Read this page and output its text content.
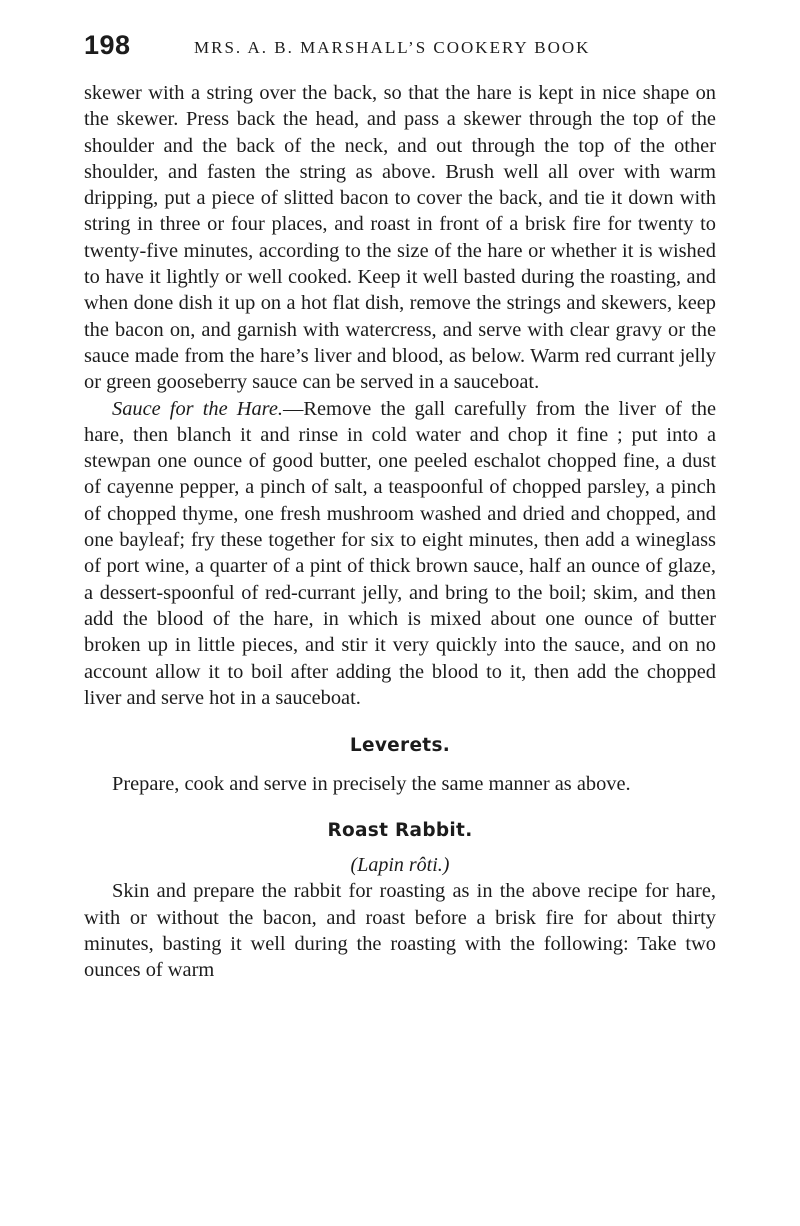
198	MRS. A. B. MARSHALL’S COOKERY BOOK

skewer with a string over the back, so that the hare is kept in nice shape on the skewer. Press back the head, and pass a skewer through the top of the shoulder and the back of the neck, and out through the top of the other shoulder, and fasten the string as above. Brush well all over with warm dripping, put a piece of slitted bacon to cover the back, and tie it down with string in three or four places, and roast in front of a brisk fire for twenty to twenty-five minutes, according to the size of the hare or whether it is wished to have it lightly or well cooked. Keep it well basted during the roasting, and when done dish it up on a hot flat dish, remove the strings and skewers, keep the bacon on, and garnish with watercress, and serve with clear gravy or the sauce made from the hare’s liver and blood, as below. Warm red currant jelly or green gooseberry sauce can be served in a sauceboat.

Sauce for the Hare.—Remove the gall carefully from the liver of the hare, then blanch it and rinse in cold water and chop it fine ; put into a stewpan one ounce of good butter, one peeled eschalot chopped fine, a dust of cayenne pepper, a pinch of salt, a teaspoonful of chopped parsley, a pinch of chopped thyme, one fresh mushroom washed and dried and chopped, and one bayleaf; fry these together for six to eight minutes, then add a wineglass of port wine, a quarter of a pint of thick brown sauce, half an ounce of glaze, a dessert-spoonful of red-currant jelly, and bring to the boil; skim, and then add the blood of the hare, in which is mixed about one ounce of butter broken up in little pieces, and stir it very quickly into the sauce, and on no account allow it to boil after adding the blood to it, then add the chopped liver and serve hot in a sauceboat.

Leverets.

Prepare, cook and serve in precisely the same manner as above.

Roast Rabbit.

(Lapin rôti.)

Skin and prepare the rabbit for roasting as in the above recipe for hare, with or without the bacon, and roast before a brisk fire for about thirty minutes, basting it well during the roasting with the following: Take two ounces of warm
